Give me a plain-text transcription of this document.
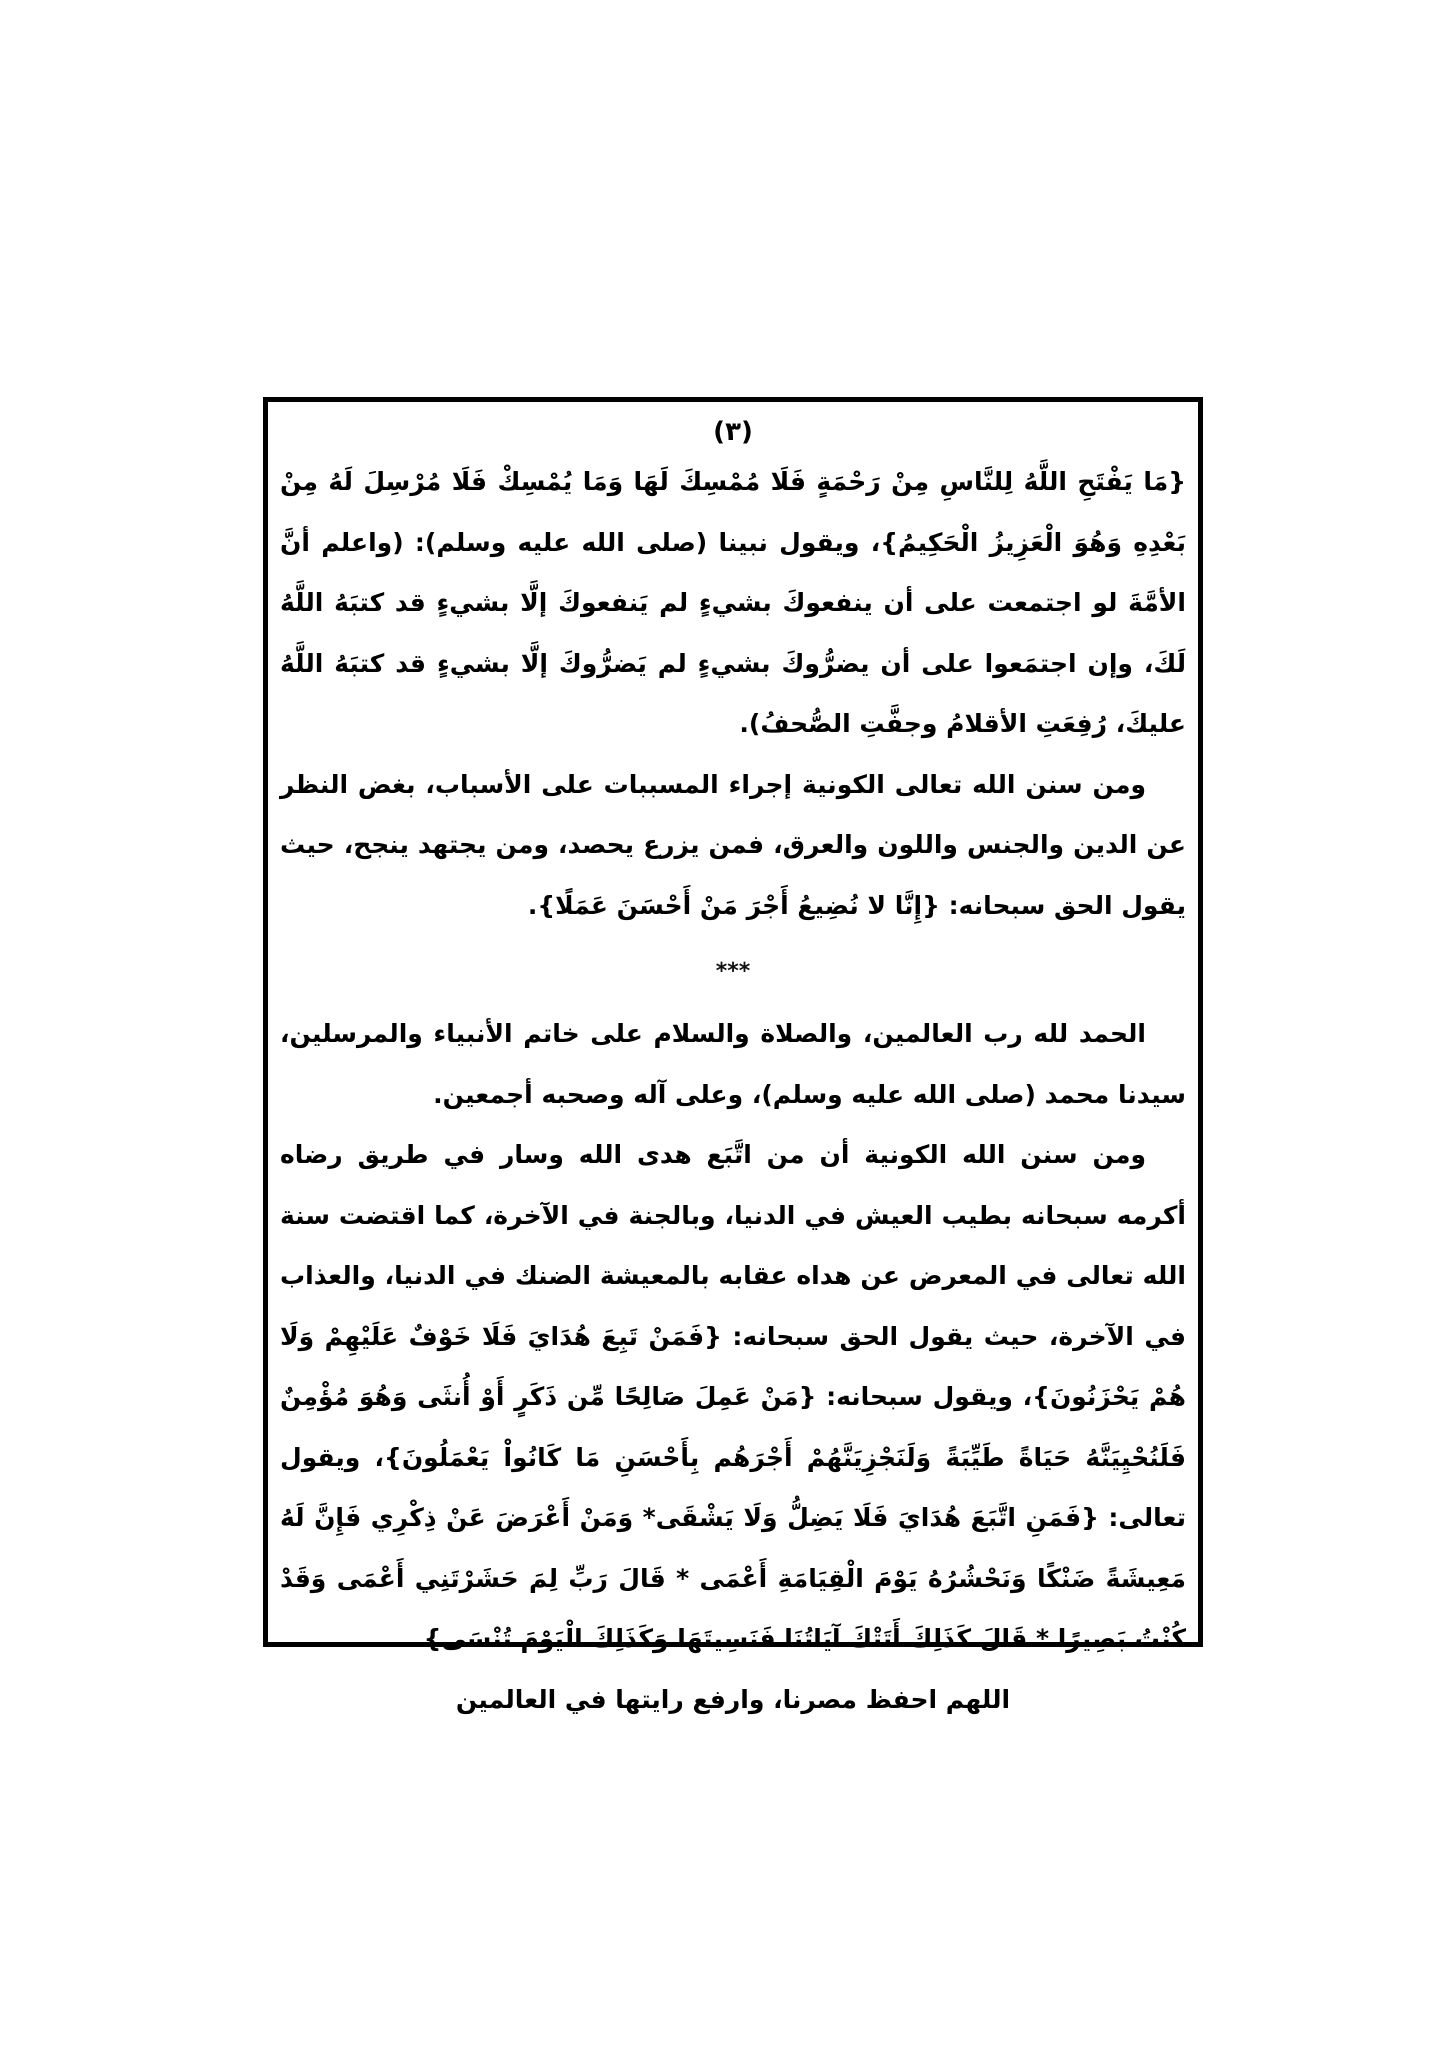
(٣)

{مَا يَفْتَحِ اللَّهُ لِلنَّاسِ مِنْ رَحْمَةٍ فَلَا مُمْسِكَ لَهَا وَمَا يُمْسِكْ فَلَا مُرْسِلَ لَهُ مِنْ بَعْدِهِ وَهُوَ الْعَزِيزُ الْحَكِيمُ}، ويقول نبينا (صلى الله عليه وسلم): (واعلم أنَّ الأمَّةَ لو اجتمعت على أن ينفعوكَ بشيءٍ لم يَنفعوكَ إلَّا بشيءٍ قد كتبَهُ اللَّهُ لَكَ، وإن اجتمَعوا على أن يضرُّوكَ بشيءٍ لم يَضرُّوكَ إلَّا بشيءٍ قد كتبَهُ اللَّهُ عليكَ، رُفِعَتِ الأقلامُ وجفَّتِ الصُّحفُ).

ومن سنن الله تعالى الكونية إجراء المسببات على الأسباب، بغض النظر عن الدين والجنس واللون والعرق، فمن يزرع يحصد، ومن يجتهد ينجح، حيث يقول الحق سبحانه: {إِنَّا لا نُضِيعُ أَجْرَ مَنْ أَحْسَنَ عَمَلًا}.

***

الحمد لله رب العالمين، والصلاة والسلام على خاتم الأنبياء والمرسلين، سيدنا محمد (صلى الله عليه وسلم)، وعلى آله وصحبه أجمعين.

ومن سنن الله الكونية أن من اتَّبَع هدى الله وسار في طريق رضاه أكرمه سبحانه بطيب العيش في الدنيا، وبالجنة في الآخرة، كما اقتضت سنة الله تعالى في المعرض عن هداه عقابه بالمعيشة الضنك في الدنيا، والعذاب في الآخرة، حيث يقول الحق سبحانه: {فَمَنْ تَبِعَ هُدَايَ فَلَا خَوْفٌ عَلَيْهِمْ وَلَا هُمْ يَحْزَنُونَ}، ويقول سبحانه: {مَنْ عَمِلَ صَالِحًا مِّن ذَكَرٍ أَوْ أُنثَى وَهُوَ مُؤْمِنٌ فَلَنُحْيِيَنَّهُ حَيَاةً طَيِّبَةً وَلَنَجْزِيَنَّهُمْ أَجْرَهُم بِأَحْسَنِ مَا كَانُواْ يَعْمَلُونَ}، ويقول تعالى: {فَمَنِ اتَّبَعَ هُدَايَ فَلَا يَضِلُّ وَلَا يَشْقَى* وَمَنْ أَعْرَضَ عَنْ ذِكْرِي فَإِنَّ لَهُ مَعِيشَةً ضَنْكًا وَنَحْشُرُهُ يَوْمَ الْقِيَامَةِ أَعْمَى * قَالَ رَبِّ لِمَ حَشَرْتَنِي أَعْمَى وَقَدْ كُنْتُ بَصِيرًا * قَالَ كَذَلِكَ أَتَتْكَ آيَاتُنَا فَنَسِيتَهَا وَكَذَلِكَ الْيَوْمَ تُنْسَى}.

اللهم احفظ مصرنا، وارفع رايتها في العالمين
